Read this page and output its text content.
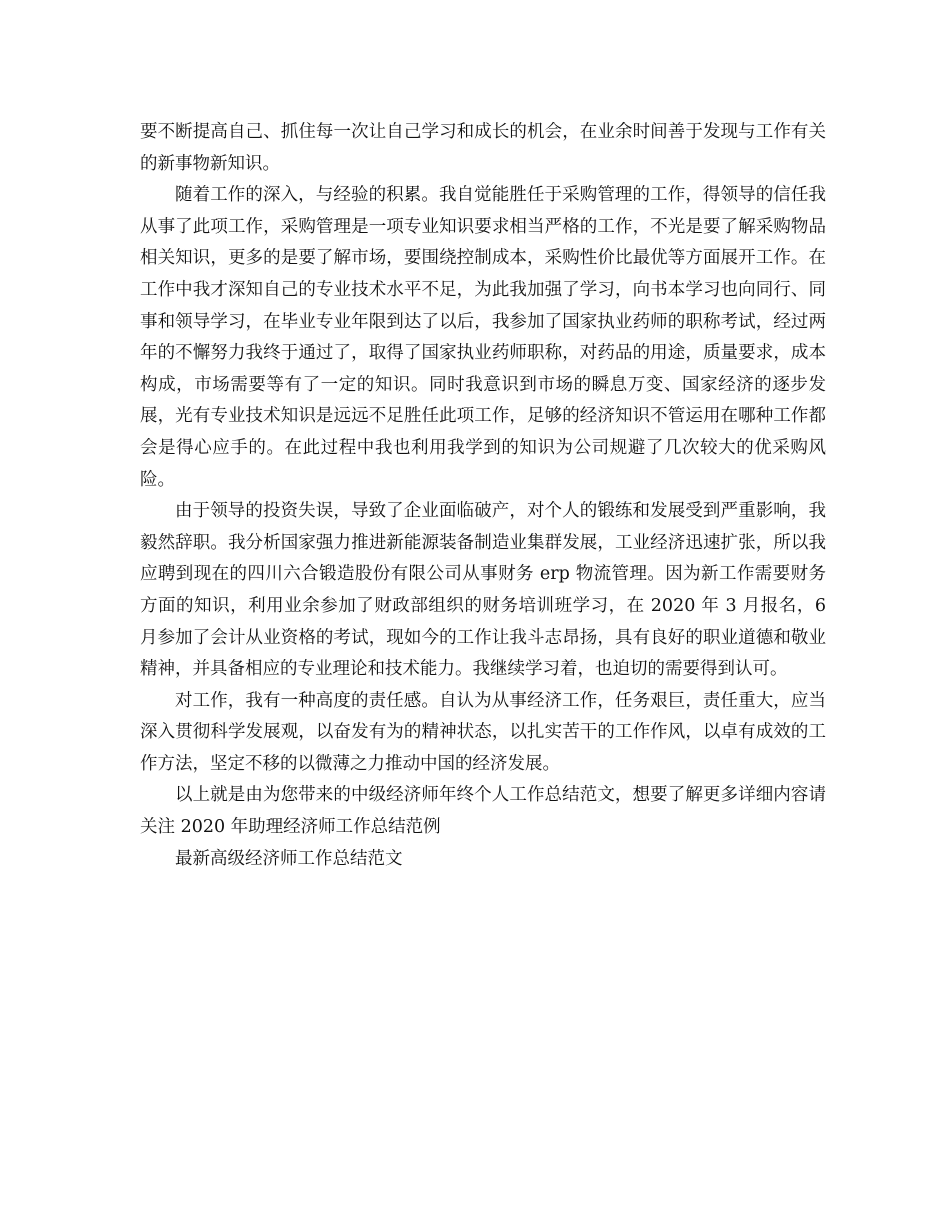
要不断提高自己、抓住每一次让自己学习和成长的机会，在业余时间善于发现与工作有关的新事物新知识。

随着工作的深入，与经验的积累。我自觉能胜任于采购管理的工作，得领导的信任我从事了此项工作，采购管理是一项专业知识要求相当严格的工作，不光是要了解采购物品相关知识，更多的是要了解市场，要围绕控制成本，采购性价比最优等方面展开工作。在工作中我才深知自己的专业技术水平不足，为此我加强了学习，向书本学习也向同行、同事和领导学习，在毕业专业年限到达了以后，我参加了国家执业药师的职称考试，经过两年的不懈努力我终于通过了，取得了国家执业药师职称，对药品的用途，质量要求，成本构成，市场需要等有了一定的知识。同时我意识到市场的瞬息万变、国家经济的逐步发展，光有专业技术知识是远远不足胜任此项工作，足够的经济知识不管运用在哪种工作都会是得心应手的。在此过程中我也利用我学到的知识为公司规避了几次较大的优采购风险。

由于领导的投资失误，导致了企业面临破产，对个人的锻练和发展受到严重影响，我毅然辞职。我分析国家强力推进新能源装备制造业集群发展，工业经济迅速扩张，所以我应聘到现在的四川六合锻造股份有限公司从事财务 erp 物流管理。因为新工作需要财务方面的知识，利用业余参加了财政部组织的财务培训班学习，在 2020 年 3 月报名，6 月参加了会计从业资格的考试，现如今的工作让我斗志昂扬，具有良好的职业道德和敬业精神，并具备相应的专业理论和技术能力。我继续学习着，也迫切的需要得到认可。

对工作，我有一种高度的责任感。自认为从事经济工作，任务艰巨，责任重大，应当深入贯彻科学发展观，以奋发有为的精神状态，以扎实苦干的工作作风，以卓有成效的工作方法，坚定不移的以微薄之力推动中国的经济发展。

以上就是由为您带来的中级经济师年终个人工作总结范文，想要了解更多详细内容请关注 2020 年助理经济师工作总结范例

最新高级经济师工作总结范文
